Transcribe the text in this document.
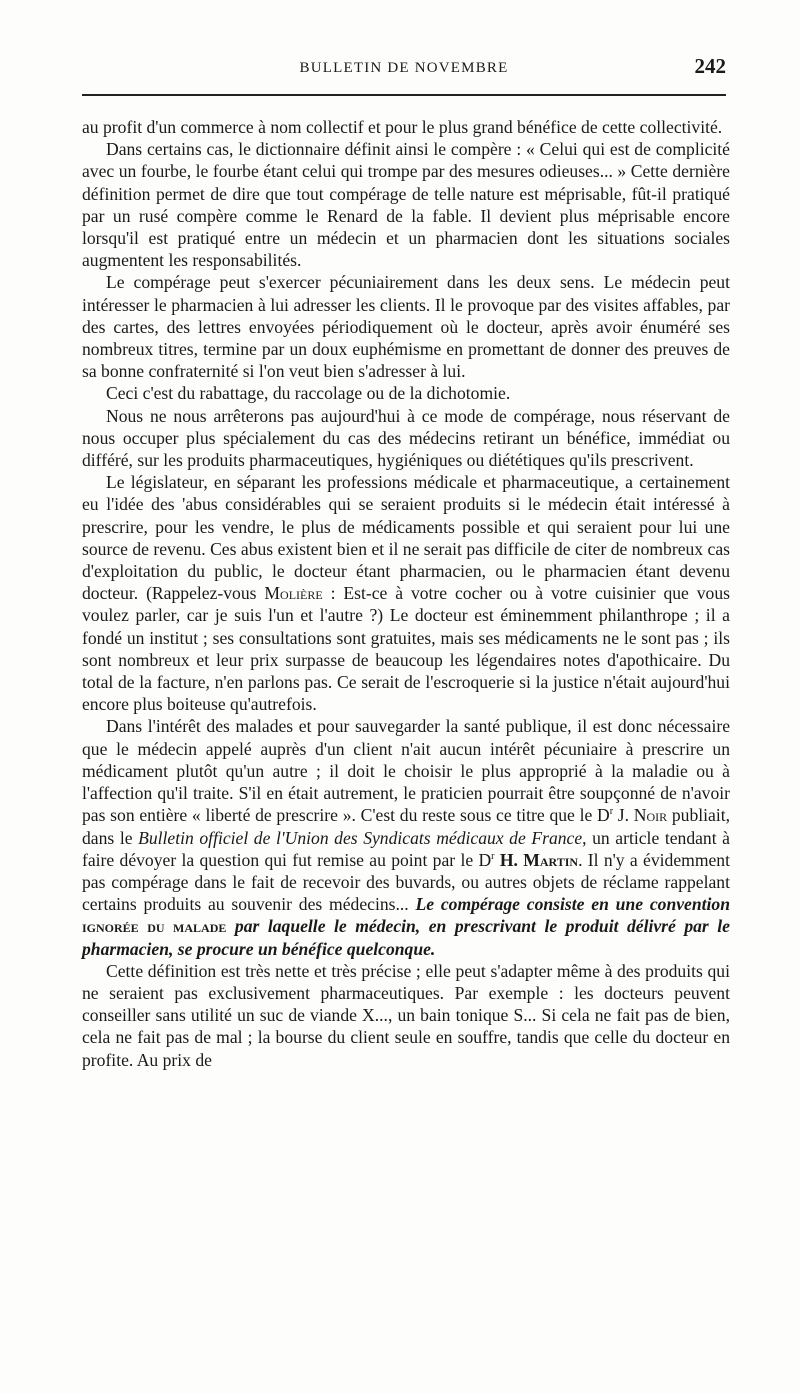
BULLETIN DE NOVEMBRE	242

au profit d'un commerce à nom collectif et pour le plus grand bénéfice de cette collectivité.

Dans certains cas, le dictionnaire définit ainsi le compère : « Celui qui est de complicité avec un fourbe, le fourbe étant celui qui trompe par des mesures odieuses... » Cette dernière définition permet de dire que tout compérage de telle nature est méprisable, fût-il pratiqué par un rusé compère comme le Renard de la fable. Il devient plus méprisable encore lorsqu'il est pratiqué entre un médecin et un pharmacien dont les situations sociales augmentent les responsabilités.

Le compérage peut s'exercer pécuniairement dans les deux sens. Le médecin peut intéresser le pharmacien à lui adresser les clients. Il le provoque par des visites affables, par des cartes, des lettres envoyées périodiquement où le docteur, après avoir énuméré ses nombreux titres, termine par un doux euphémisme en promettant de donner des preuves de sa bonne confraternité si l'on veut bien s'adresser à lui.

Ceci c'est du rabattage, du raccolage ou de la dichotomie.

Nous ne nous arrêterons pas aujourd'hui à ce mode de compérage, nous réservant de nous occuper plus spécialement du cas des médecins retirant un bénéfice, immédiat ou différé, sur les produits pharmaceutiques, hygiéniques ou diététiques qu'ils prescrivent.

Le législateur, en séparant les professions médicale et pharmaceutique, a certainement eu l'idée des 'abus considérables qui se seraient produits si le médecin était intéressé à prescrire, pour les vendre, le plus de médicaments possible et qui seraient pour lui une source de revenu. Ces abus existent bien et il ne serait pas difficile de citer de nombreux cas d'exploitation du public, le docteur étant pharmacien, ou le pharmacien étant devenu docteur. (Rappelez-vous Molière : Est-ce à votre cocher ou à votre cuisinier que vous voulez parler, car je suis l'un et l'autre ?) Le docteur est éminemment philanthrope ; il a fondé un institut ; ses consultations sont gratuites, mais ses médicaments ne le sont pas ; ils sont nombreux et leur prix surpasse de beaucoup les légendaires notes d'apothicaire. Du total de la facture, n'en parlons pas. Ce serait de l'escroquerie si la justice n'était aujourd'hui encore plus boiteuse qu'autrefois.

Dans l'intérêt des malades et pour sauvegarder la santé publique, il est donc nécessaire que le médecin appelé auprès d'un client n'ait aucun intérêt pécuniaire à prescrire un médicament plutôt qu'un autre ; il doit le choisir le plus approprié à la maladie ou à l'affection qu'il traite. S'il en était autrement, le praticien pourrait être soupçonné de n'avoir pas son entière « liberté de prescrire ». C'est du reste sous ce titre que le $D^r$ J. Noir publiait, dans le Bulletin officiel de l'Union des Syndicats médicaux de France, un article tendant à faire dévoyer la question qui fut remise au point par le $D^r$ H. Martin. Il n'y a évidemment pas compérage dans le fait de recevoir des buvards, ou autres objets de réclame rappelant certains produits au souvenir des médecins... Le compérage consiste en une convention ignorée du malade par laquelle le médecin, en prescrivant le produit délivré par le pharmacien, se procure un bénéfice quelconque.

Cette définition est très nette et très précise ; elle peut s'adapter même à des produits qui ne seraient pas exclusivement pharmaceutiques. Par exemple : les docteurs peuvent conseiller sans utilité un suc de viande X..., un bain tonique S... Si cela ne fait pas de bien, cela ne fait pas de mal ; la bourse du client seule en souffre, tandis que celle du docteur en profite. Au prix de
